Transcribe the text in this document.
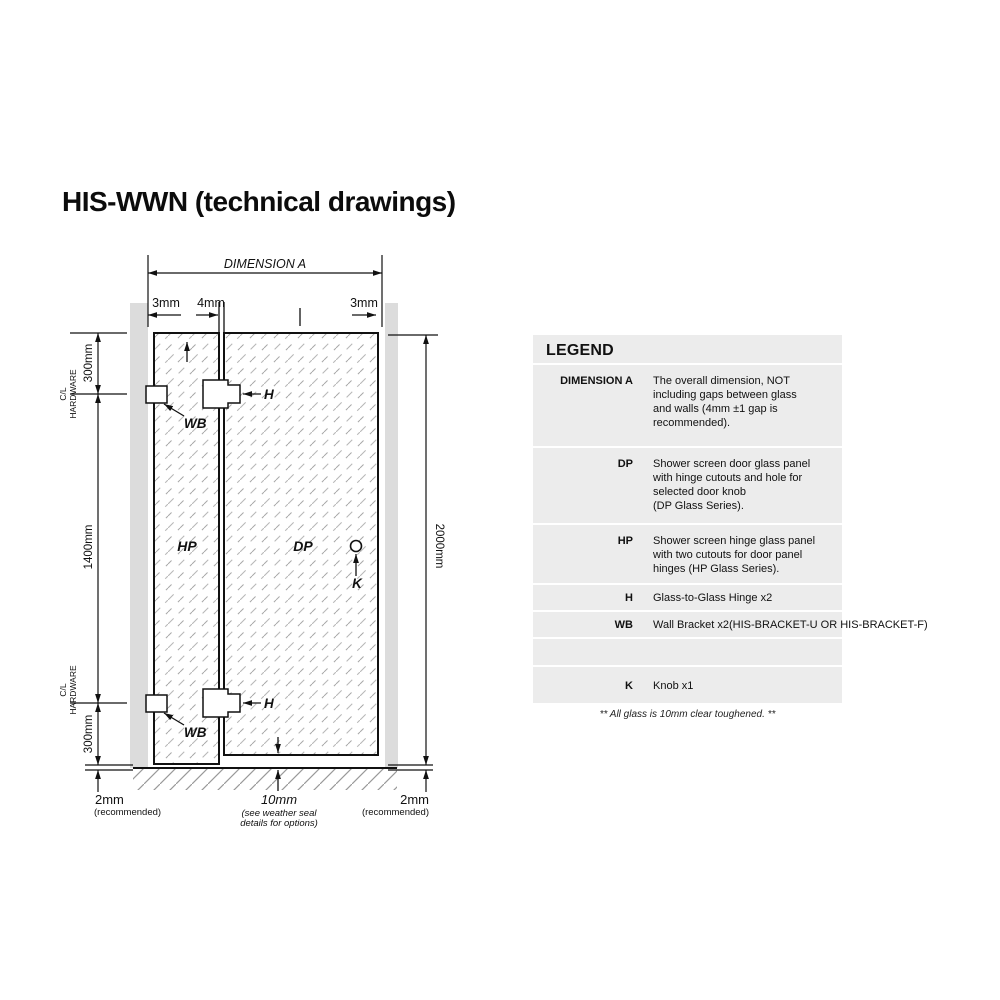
HIS-WWN (technical drawings)
DIMENSION A
3mm 4mm	3mm
300mm
C/L HARDWARE
1400mm
C/L HARDWARE
300mm
2000mm
H
H
WB
WB
HP	DP
K
2mm
(recommended)
10mm
(see weather seal
details for options)
2mm
(recommended)
LEGEND
DIMENSION A The overall dimension, NOT
including gaps between glass
and walls (4mm ±1 gap is
recommended).
DP Shower screen door glass panel
with hinge cutouts and hole for
selected door knob
(DP Glass Series).
HP Shower screen hinge glass panel
with two cutouts for door panel
hinges (HP Glass Series).
H Glass-to-Glass Hinge x2
WB Wall Bracket x2(HIS-BRACKET-U OR HIS-BRACKET-F)
K Knob x1
** All glass is 10mm clear toughened. **
